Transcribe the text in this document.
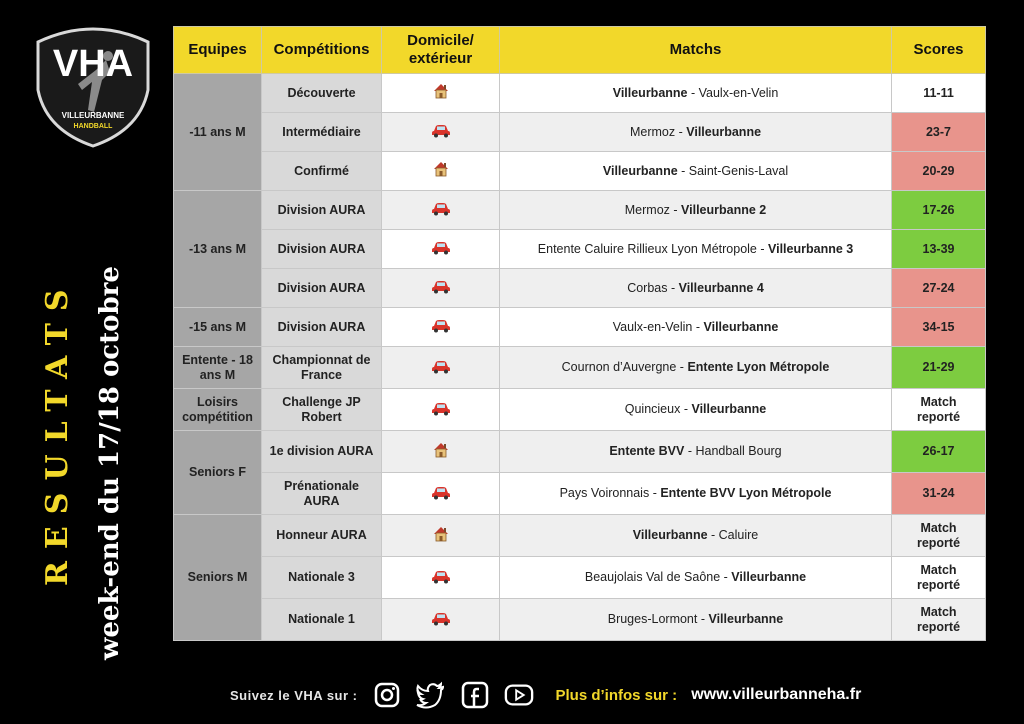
VHA
VILLEURBANNE
HANDBALL
RESULTATS week-end du 17/18 octobre
Equipes	Compétitions	Domicile/ extérieur	Matchs	Scores
-11 ans M	Découverte		Villeurbanne - Vaulx-en-Velin	11-11
	Intermédiaire		Mermoz - Villeurbanne	23-7
	Confirmé		Villeurbanne - Saint-Genis-Laval	20-29
-13 ans M	Division AURA		Mermoz - Villeurbanne 2	17-26
	Division AURA		Entente Caluire Rillieux Lyon Métropole - Villeurbanne 3	13-39
	Division AURA		Corbas - Villeurbanne 4	27-24
-15 ans M	Division AURA		Vaulx-en-Velin - Villeurbanne	34-15
Entente - 18 ans M	Championnat de France		Cournon d’Auvergne - Entente Lyon Métropole	21-29
Loisirs compétition	Challenge JP Robert		Quincieux - Villeurbanne	Match
reporté
Seniors F	1e division AURA		Entente BVV - Handball Bourg	26-17
	Prénationale AURA		Pays Voironnais - Entente BVV Lyon Métropole	31-24
Seniors M	Honneur AURA		Villeurbanne - Caluire	Match
reporté
	Nationale 3		Beaujolais Val de Saône - Villeurbanne	Match
reporté
	Nationale 1		Bruges-Lormont - Villeurbanne	Match
reporté
Suivez le VHA sur :	Plus d’infos sur : www.villeurbanneha.fr
